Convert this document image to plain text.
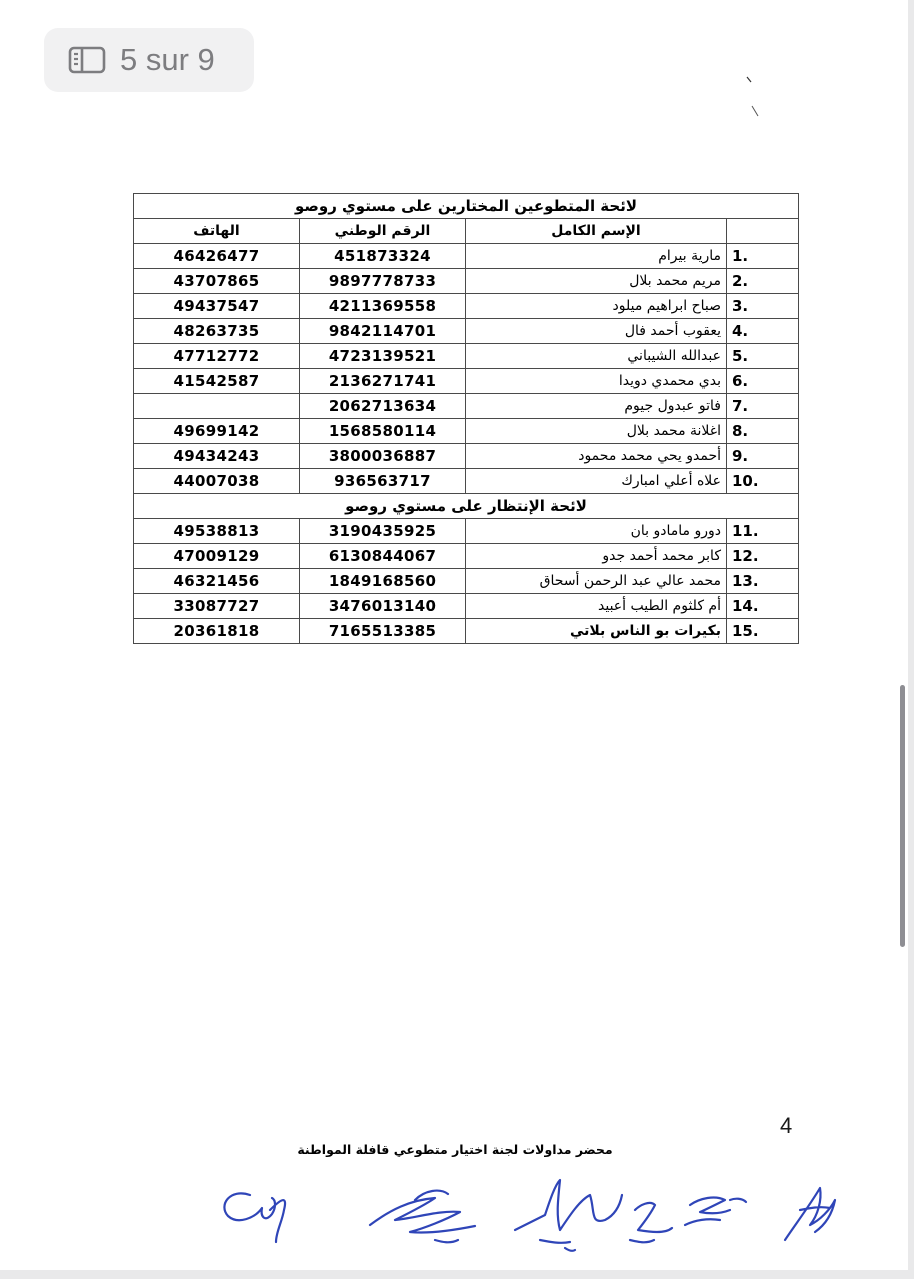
5 sur 9
لائحة المتطوعين المختارين على مستوي روصو			
الهاتف	الرقم الوطني	الإسم الكامل	
46426477	451873324	مارية بيرام	1.
43707865	9897778733	مريم محمد بلال	2.
49437547	4211369558	صباح ابراهيم ميلود	3.
48263735	9842114701	يعقوب أحمد فال	4.
47712772	4723139521	عبدالله الشيباني	5.
41542587	2136271741	بدي محمدي دويدا	6.
	2062713634	فاتو عبدول جيوم	7.
49699142	1568580114	اغلانة محمد بلال	8.
49434243	3800036887	أحمدو يحي محمد محمود	9.
44007038	936563717	علاه أعلي امبارك	10.
لائحة الإنتظار على مستوي روصو			
49538813	3190435925	دورو مامادو بان	11.
47009129	6130844067	كابر محمد أحمد جدو	12.
46321456	1849168560	محمد عالي عبد الرحمن أسحاق	13.
33087727	3476013140	أم كلثوم الطيب أعبيد	14.
20361818	7165513385	بكيرات بو الناس بلاتي	15.
4
محضر مداولات لجنة اختيار متطوعي قافلة المواطنة
